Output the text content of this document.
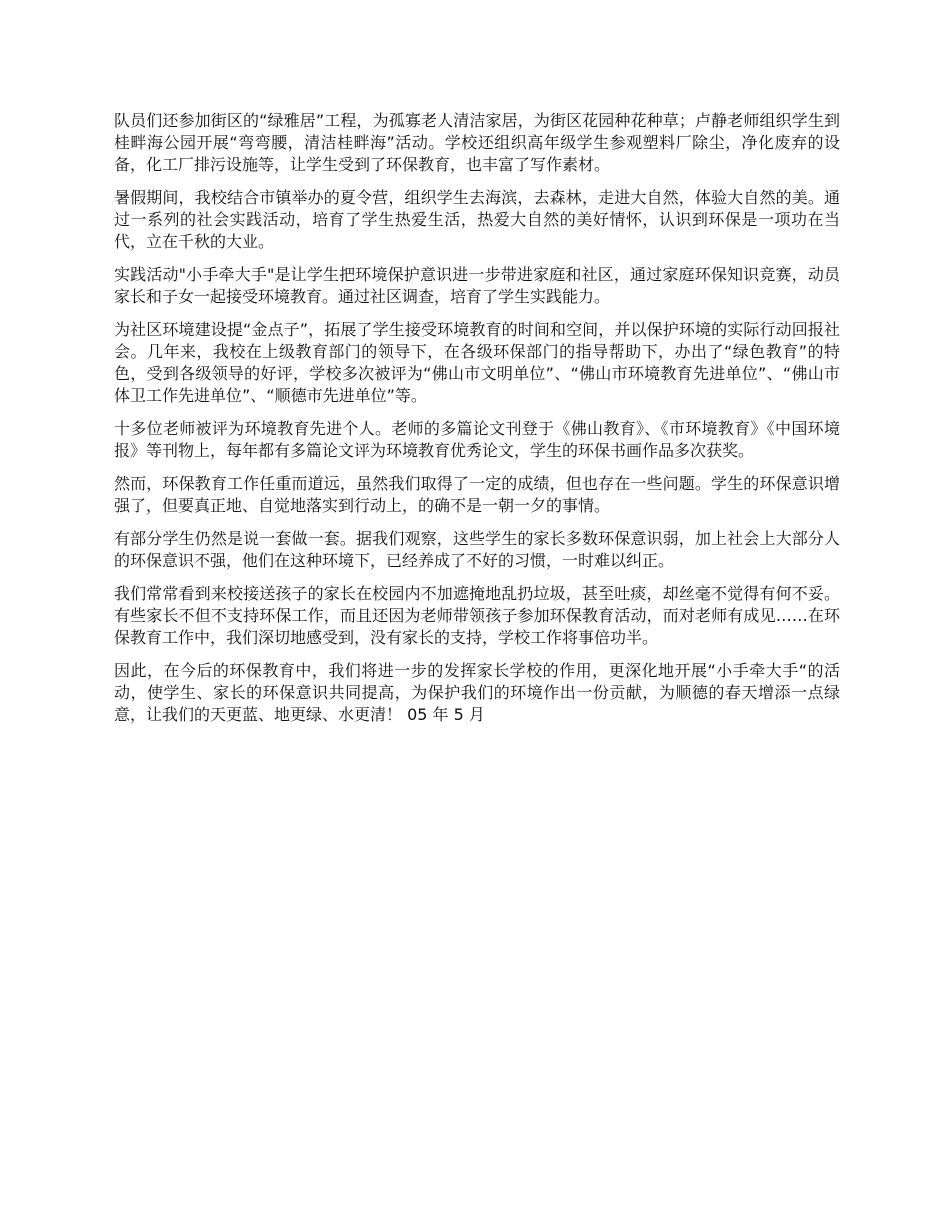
队员们还参加街区的“绿雅居”工程，为孤寡老人清洁家居，为街区花园种花种草；卢静老师组织学生到桂畔海公园开展“弯弯腰，清洁桂畔海”活动。学校还组织高年级学生参观塑料厂除尘，净化废弃的设备，化工厂排污设施等，让学生受到了环保教育，也丰富了写作素材。

暑假期间，我校结合市镇举办的夏令营，组织学生去海滨，去森林，走进大自然，体验大自然的美。通过一系列的社会实践活动，培育了学生热爱生活，热爱大自然的美好情怀，认识到环保是一项功在当代，立在千秋的大业。

实践活动"小手牵大手"是让学生把环境保护意识进一步带进家庭和社区，通过家庭环保知识竞赛，动员家长和子女一起接受环境教育。通过社区调查，培育了学生实践能力。

为社区环境建设提“金点子”，拓展了学生接受环境教育的时间和空间，并以保护环境的实际行动回报社会。几年来，我校在上级教育部门的领导下，在各级环保部门的指导帮助下，办出了“绿色教育”的特色，受到各级领导的好评，学校多次被评为“佛山市文明单位”、“佛山市环境教育先进单位”、“佛山市体卫工作先进单位”、“顺德市先进单位”等。

十多位老师被评为环境教育先进个人。老师的多篇论文刊登于《佛山教育》、《市环境教育》《中国环境报》等刊物上，每年都有多篇论文评为环境教育优秀论文，学生的环保书画作品多次获奖。

然而，环保教育工作任重而道远，虽然我们取得了一定的成绩，但也存在一些问题。学生的环保意识增强了，但要真正地、自觉地落实到行动上，的确不是一朝一夕的事情。

有部分学生仍然是说一套做一套。据我们观察，这些学生的家长多数环保意识弱，加上社会上大部分人的环保意识不强，他们在这种环境下，已经养成了不好的习惯，一时难以纠正。

我们常常看到来校接送孩子的家长在校园内不加遮掩地乱扔垃圾，甚至吐痰，却丝毫不觉得有何不妥。有些家长不但不支持环保工作，而且还因为老师带领孩子参加环保教育活动，而对老师有成见……在环保教育工作中，我们深切地感受到，没有家长的支持，学校工作将事倍功半。

因此，在今后的环保教育中，我们将进一步的发挥家长学校的作用，更深化地开展“小手牵大手“的活动，使学生、家长的环保意识共同提高，为保护我们的环境作出一份贡献，为顺德的春天增添一点绿意，让我们的天更蓝、地更绿、水更清！ 05 年 5 月
